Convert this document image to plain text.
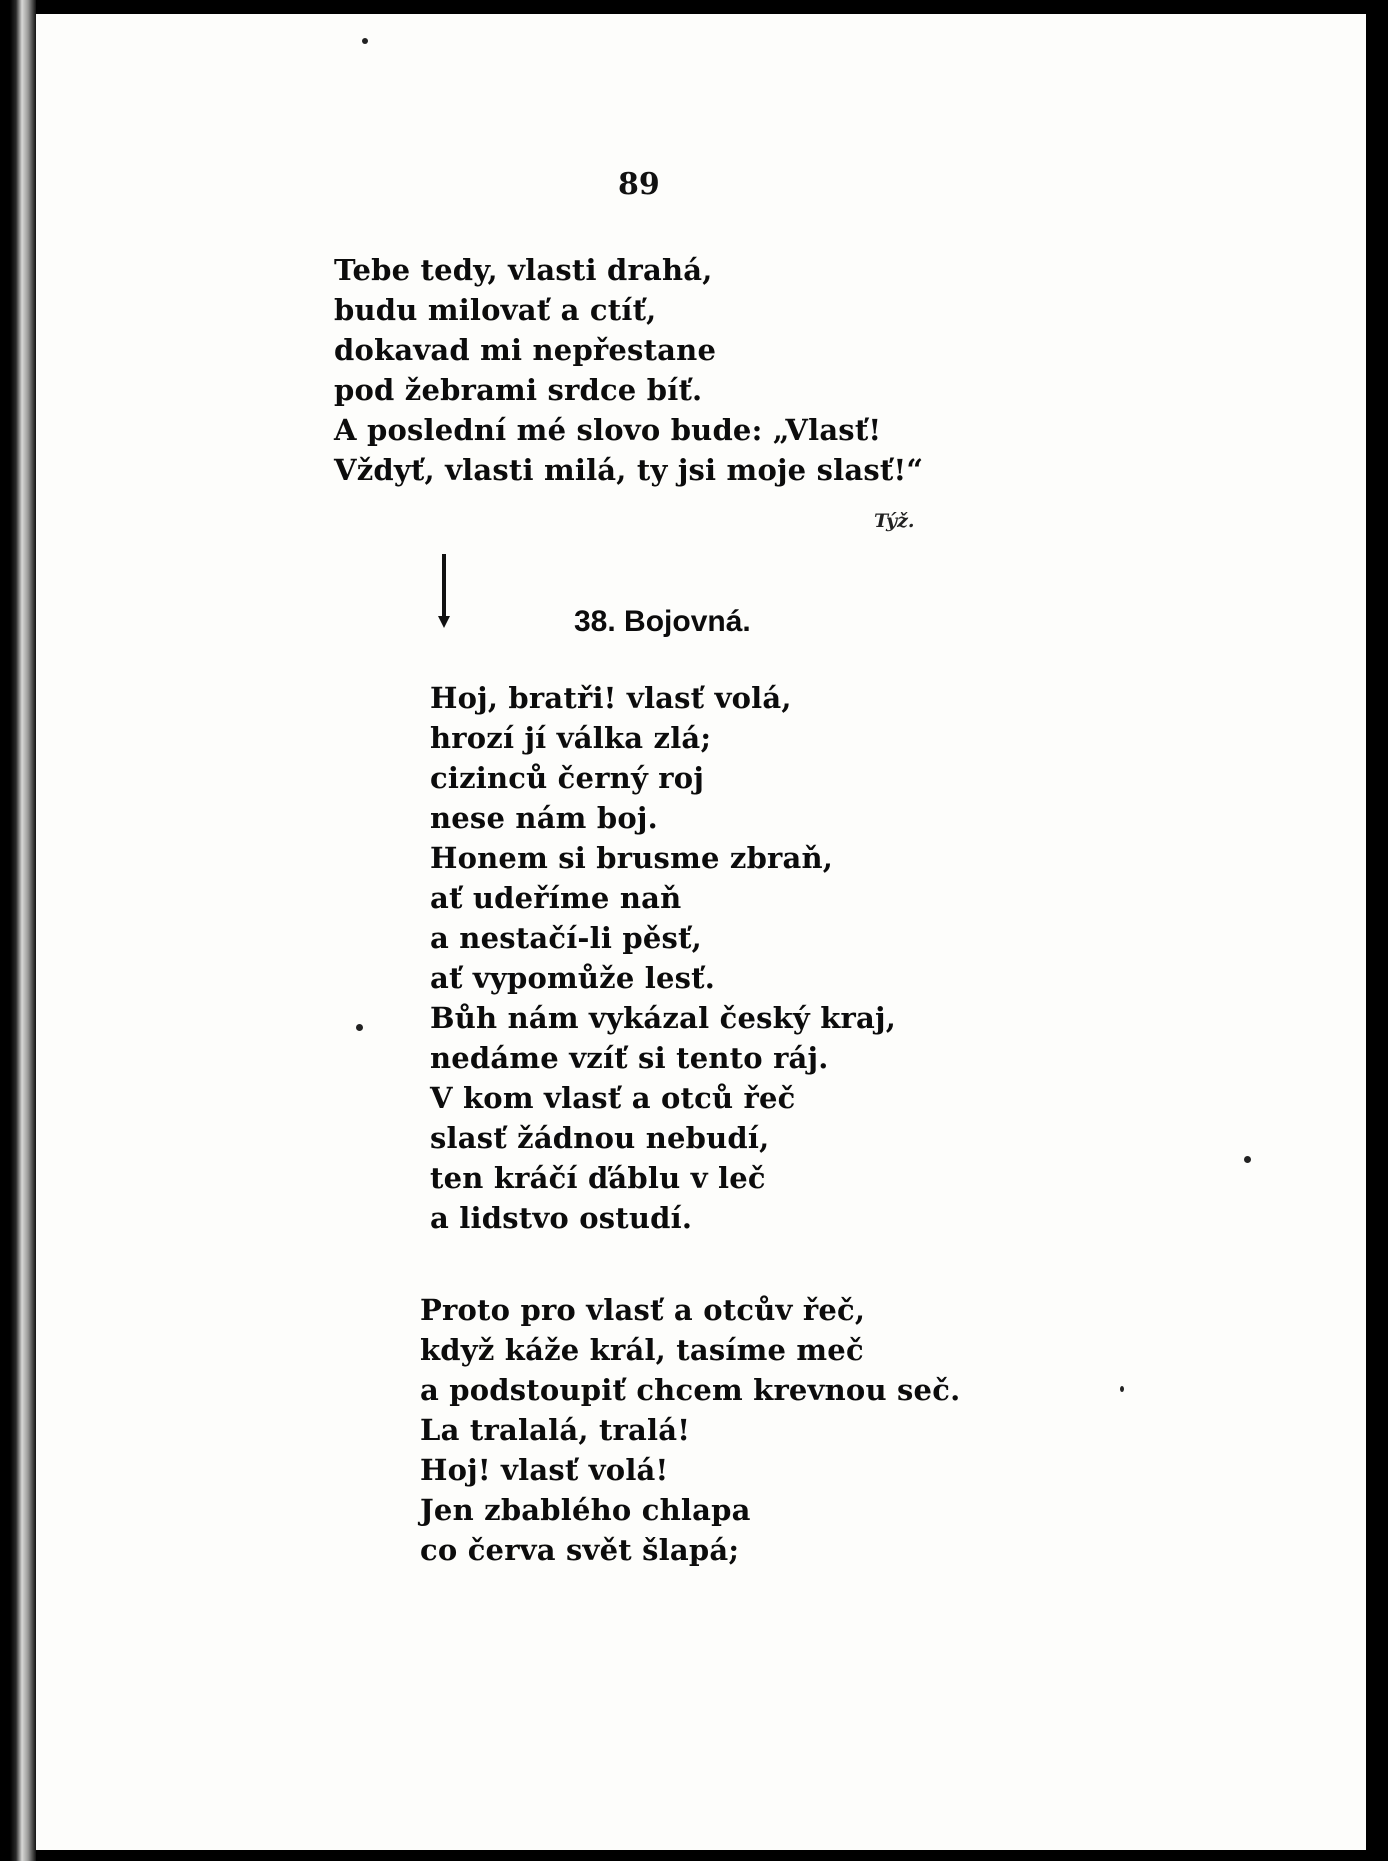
89
Tebe tedy, vlasti drahá,
budu milovať a ctíť,
dokavad mi nepřestane
pod žebrami srdce bíť.
A poslední mé slovo bude: „Vlasť!
Vždyť, vlasti milá, ty jsi moje slasť!“
Týž.
38. Bojovná.
Hoj, bratři! vlasť volá,
hrozí jí válka zlá;
cizinců černý roj
nese nám boj.
Honem si brusme zbraň,
ať udeříme naň
a nestačí-li pěsť,
ať vypomůže lesť.
Bůh nám vykázal český kraj,
nedáme vzíť si tento ráj.
V kom vlasť a otců řeč
slasť žádnou nebudí,
ten kráčí ďáblu v leč
a lidstvo ostudí.
Proto pro vlasť a otcův řeč,
když káže král, tasíme meč
a podstoupiť chcem krevnou seč.
La tralalá, tralá!
Hoj! vlasť volá!
Jen zbablého chlapa
co červa svět šlapá;
